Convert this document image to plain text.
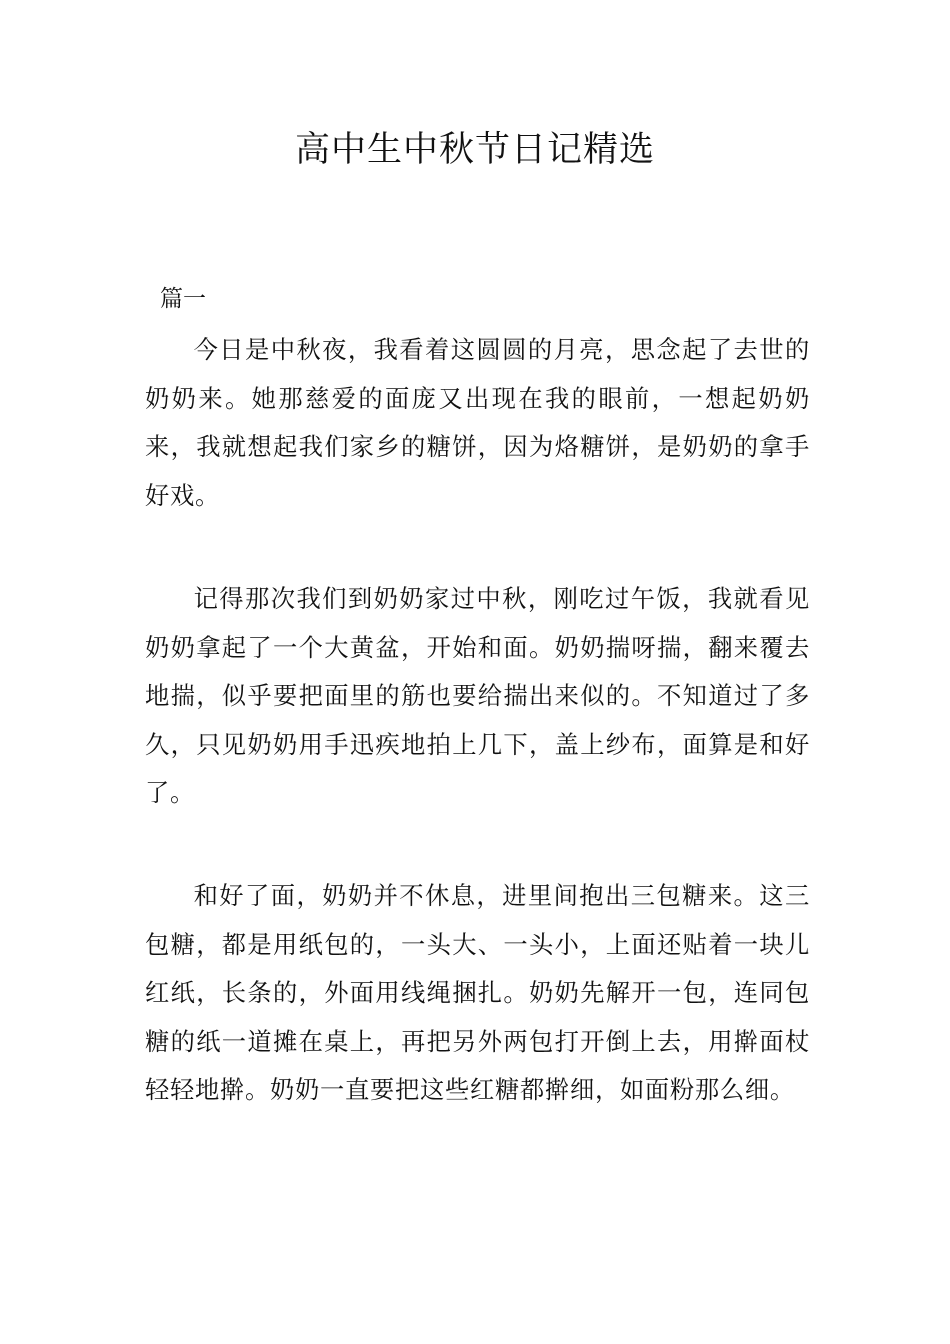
高中生中秋节日记精选
篇一

今日是中秋夜，我看着这圆圆的月亮，思念起了去世的奶奶来。她那慈爱的面庞又出现在我的眼前，一想起奶奶来，我就想起我们家乡的糖饼，因为烙糖饼，是奶奶的拿手好戏。

记得那次我们到奶奶家过中秋，刚吃过午饭，我就看见奶奶拿起了一个大黄盆，开始和面。奶奶揣呀揣，翻来覆去地揣，似乎要把面里的筋也要给揣出来似的。不知道过了多久，只见奶奶用手迅疾地拍上几下，盖上纱布，面算是和好了。

和好了面，奶奶并不休息，进里间抱出三包糖来。这三包糖，都是用纸包的，一头大、一头小，上面还贴着一块儿红纸，长条的，外面用线绳捆扎。奶奶先解开一包，连同包糖的纸一道摊在桌上，再把另外两包打开倒上去，用擀面杖轻轻地擀。奶奶一直要把这些红糖都擀细，如面粉那么细。
